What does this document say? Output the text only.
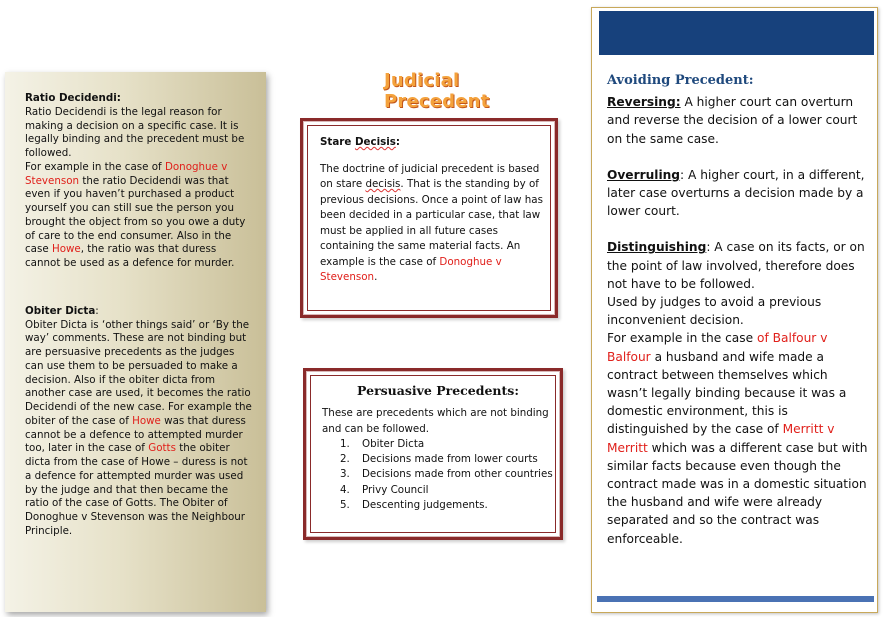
Ratio Decidendi:

Ratio Decidendi is the legal reason for making a decision on a specific case. It is legally binding and the precedent must be followed.

For example in the case of Donoghue v Stevenson the ratio Decidendi was that even if you haven’t purchased a product yourself you can still sue the person you brought the object from so you owe a duty of care to the end consumer. Also in the case Howe, the ratio was that duress cannot be used as a defence for murder.

Obiter Dicta:

Obiter Dicta is ‘other things said’ or ‘By the way’ comments. These are not binding but are persuasive precedents as the judges can use them to be persuaded to make a decision. Also if the obiter dicta from another case are used, it becomes the ratio Decidendi of the new case. For example the obiter of the case of Howe was that duress cannot be a defence to attempted murder too, later in the case of Gotts the obiter dicta from the case of Howe – duress is not a defence for attempted murder was used by the judge and that then became the ratio of the case of Gotts. The Obiter of Donoghue v Stevenson was the Neighbour Principle.

Judicial Precedent

Stare Decisis:

The doctrine of judicial precedent is based on stare decisis. That is the standing by of previous decisions. Once a point of law has been decided in a particular case, that law must be applied in all future cases containing the same material facts. An example is the case of Donoghue v Stevenson.

Persuasive Precedents:

These are precedents which are not binding and can be followed.

1.	Obiter Dicta
2.	Decisions made from lower courts
3.	Decisions made from other countries
4.	Privy Council
5.	Descenting judgements.

Avoiding Precedent:

Reversing: A higher court can overturn and reverse the decision of a lower court on the same case.

Overruling: A higher court, in a different, later case overturns a decision made by a lower court.

Distinguishing: A case on its facts, or on the point of law involved, therefore does not have to be followed.

Used by judges to avoid a previous inconvenient decision.

For example in the case of Balfour v Balfour a husband and wife made a contract between themselves which wasn’t legally binding because it was a domestic environment, this is distinguished by the case of Merritt v Merritt which was a different case but with similar facts because even though the contract made was in a domestic situation the husband and wife were already separated and so the contract was enforceable.
